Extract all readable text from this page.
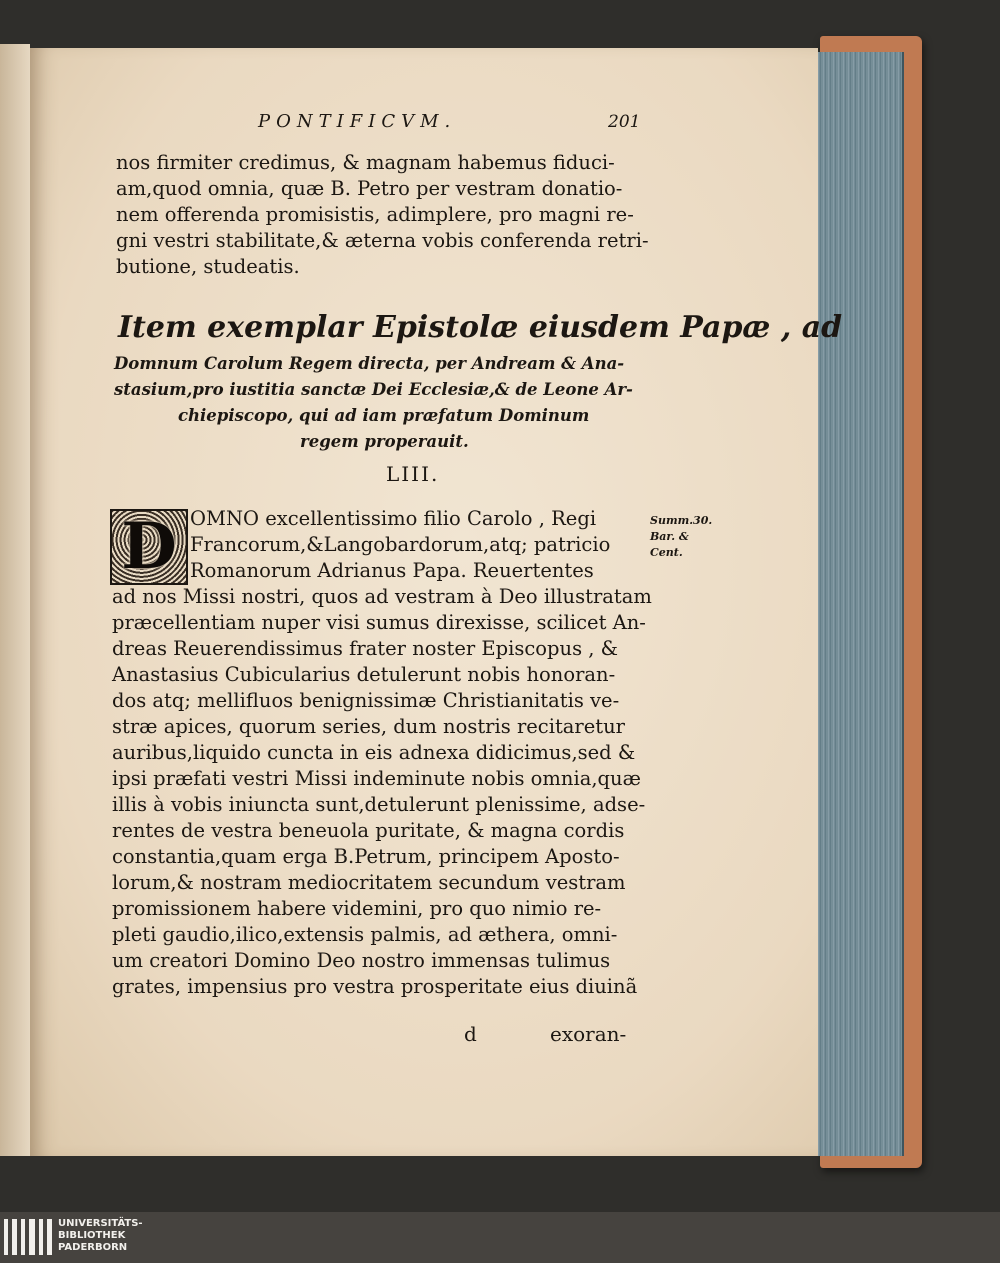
PONTIFICVM.	201
nos firmiter credimus, & magnam habemus fiduci-
am,quod omnia, quæ B. Petro per vestram donatio-
nem offerenda promisistis, adimplere, pro magni re-
gni vestri stabilitate,& æterna vobis conferenda retri-
butione, studeatis.
Item exemplar Epistolæ eiusdem Papæ , ad
Domnum Carolum Regem directa, per Andream & Ana-
stasium,pro iustitia sanctæ Dei Ecclesiæ,& de Leone Ar-
chiepiscopo, qui ad iam præfatum Dominum
regem properauit.
LIII.
D OMNO excellentissimo filio Carolo , Regi
Francorum,&Langobardorum,atq; patricio
Romanorum Adrianus Papa. Reuertentes
ad nos Missi nostri, quos ad vestram à Deo illustratam
præcellentiam nuper visi sumus direxisse, scilicet An-
dreas Reuerendissimus frater noster Episcopus , &
Anastasius Cubicularius detulerunt nobis honoran-
dos atq; mellifluos benignissimæ Christianitatis ve-
stræ apices, quorum series, dum nostris recitaretur
auribus,liquido cuncta in eis adnexa didicimus,sed &
ipsi præfati vestri Missi indeminute nobis omnia,quæ
illis à vobis iniuncta sunt,detulerunt plenissime, adse-
rentes de vestra beneuola puritate, & magna cordis
constantia,quam erga B.Petrum, principem Aposto-
lorum,& nostram mediocritatem secundum vestram
promissionem habere videmini, pro quo nimio re-
pleti gaudio,ilico,extensis palmis, ad æthera, omni-
um creatori Domino Deo nostro immensas tulimus
grates, impensius pro vestra prosperitate eius diuinã
d	exoran-
Summ.30.
Bar. &
Cent.
UNIVERSITÄTS-
BIBLIOTHEK
PADERBORN
